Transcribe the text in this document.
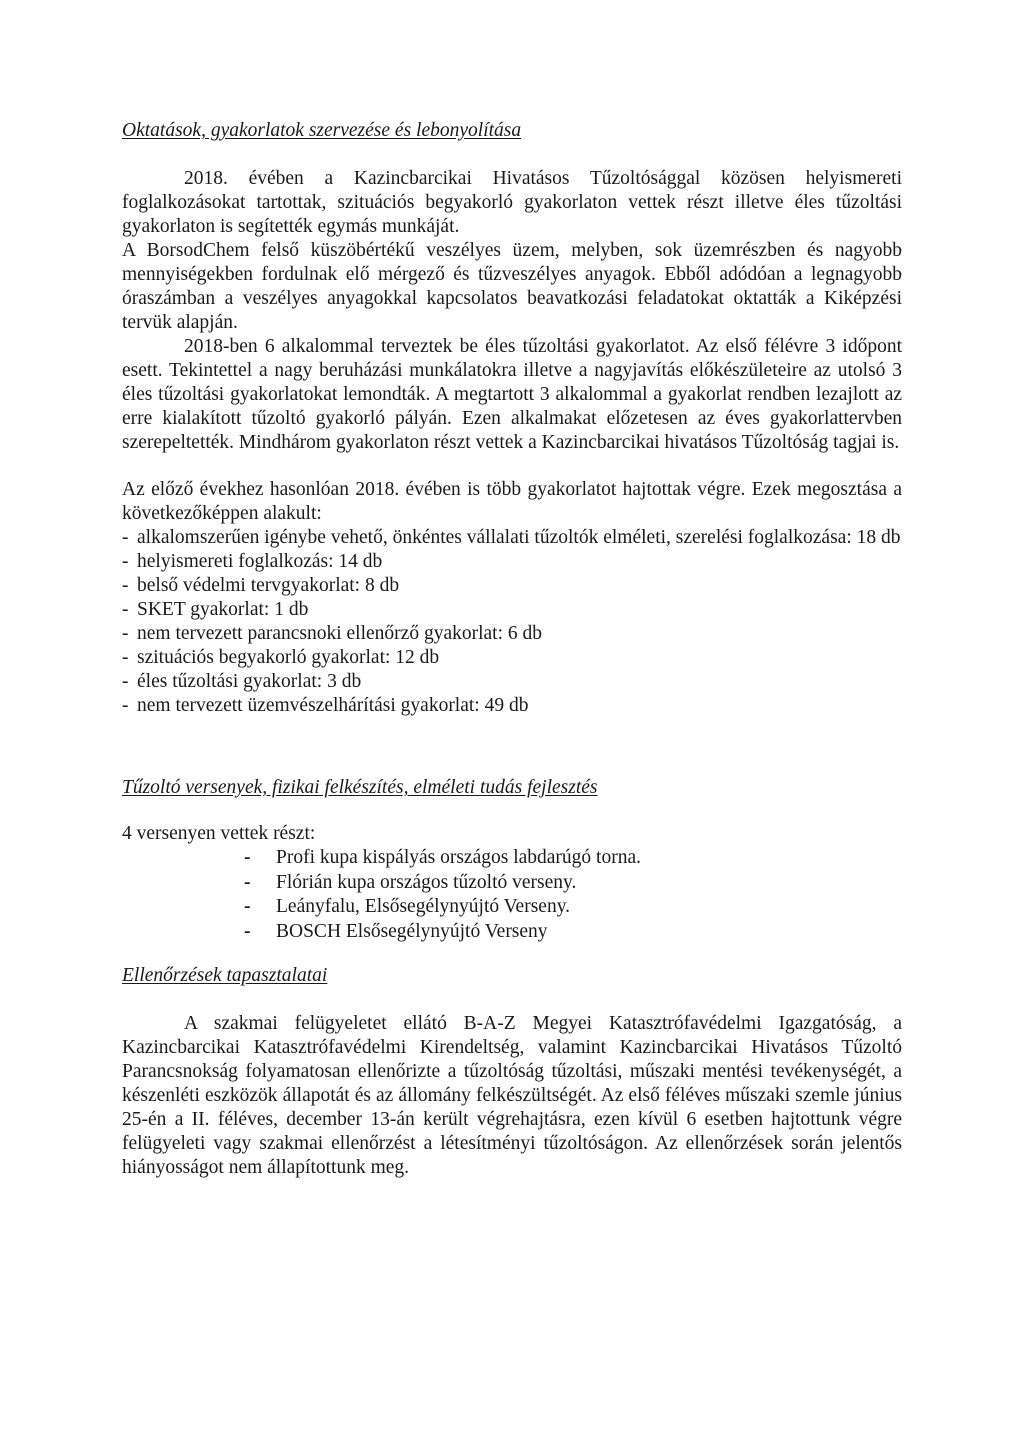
Oktatások, gyakorlatok szervezése és lebonyolítása

2018. évében a Kazincbarcikai Hivatásos Tűzoltósággal közösen helyismereti foglalkozásokat tartottak, szituációs begyakorló gyakorlaton vettek részt illetve éles tűzoltási gyakorlaton is segítették egymás munkáját.

A BorsodChem felső küszöbértékű veszélyes üzem, melyben, sok üzemrészben és nagyobb mennyiségekben fordulnak elő mérgező és tűzveszélyes anyagok. Ebből adódóan a legnagyobb óraszámban a veszélyes anyagokkal kapcsolatos beavatkozási feladatokat oktatták a Kiképzési tervük alapján.

2018-ben 6 alkalommal terveztek be éles tűzoltási gyakorlatot. Az első félévre 3 időpont esett. Tekintettel a nagy beruházási munkálatokra illetve a nagyjavítás előkészületeire az utolsó 3 éles tűzoltási gyakorlatokat lemondták. A megtartott 3 alkalommal a gyakorlat rendben lezajlott az erre kialakított tűzoltó gyakorló pályán. Ezen alkalmakat előzetesen az éves gyakorlattervben szerepeltették. Mindhárom gyakorlaton részt vettek a Kazincbarcikai hivatásos Tűzoltóság tagjai is.

Az előző évekhez hasonlóan 2018. évében is több gyakorlatot hajtottak végre. Ezek megosztása a következőképpen alakult:

- alkalomszerűen igénybe vehető, önkéntes vállalati tűzoltók elméleti, szerelési foglalkozása: 18 db
- helyismereti foglalkozás: 14 db
- belső védelmi tervgyakorlat: 8 db
- SKET gyakorlat: 1 db
- nem tervezett parancsnoki ellenőrző gyakorlat: 6 db
- szituációs begyakorló gyakorlat: 12 db
- éles tűzoltási gyakorlat: 3 db
- nem tervezett üzemvészelhárítási gyakorlat: 49 db

Tűzoltó versenyek, fizikai felkészítés, elméleti tudás fejlesztés

4 versenyen vettek részt:

- Profi kupa kispályás országos labdarúgó torna.
- Flórián kupa országos tűzoltó verseny.
- Leányfalu, Elsősegélynyújtó Verseny.
- BOSCH Elsősegélynyújtó Verseny

Ellenőrzések tapasztalatai

A szakmai felügyeletet ellátó B-A-Z Megyei Katasztrófavédelmi Igazgatóság, a Kazincbarcikai Katasztrófavédelmi Kirendeltség, valamint Kazincbarcikai Hivatásos Tűzoltó Parancsnokság folyamatosan ellenőrizte a tűzoltóság tűzoltási, műszaki mentési tevékenységét, a készenléti eszközök állapotát és az állomány felkészültségét. Az első féléves műszaki szemle június 25-én a II. féléves, december 13-án került végrehajtásra, ezen kívül 6 esetben hajtottunk végre felügyeleti vagy szakmai ellenőrzést a létesítményi tűzoltóságon. Az ellenőrzések során jelentős hiányosságot nem állapítottunk meg.
